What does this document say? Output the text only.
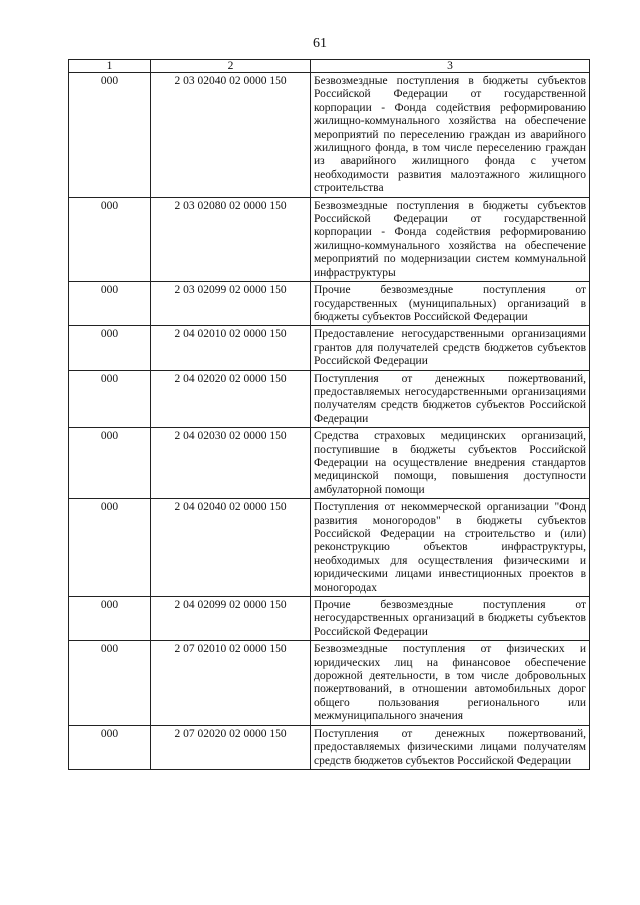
61
1	2	3
000	2 03 02040 02 0000 150	Безвозмездные поступления в бюджеты субъектов Российской Федерации от государственной корпорации - Фонда содействия реформированию жилищно-коммунального хозяйства на обеспечение мероприятий по переселению граждан из аварийного жилищного фонда, в том числе переселению граждан из аварийного жилищного фонда с учетом необходимости развития малоэтажного жилищного строительства
000	2 03 02080 02 0000 150	Безвозмездные поступления в бюджеты субъектов Российской Федерации от государственной корпорации - Фонда содействия реформированию жилищно-коммунального хозяйства на обеспечение мероприятий по модернизации систем коммунальной инфраструктуры
000	2 03 02099 02 0000 150	Прочие безвозмездные поступления от государственных (муниципальных) организаций в бюджеты субъектов Российской Федерации
000	2 04 02010 02 0000 150	Предоставление негосударственными организациями грантов для получателей средств бюджетов субъектов Российской Федерации
000	2 04 02020 02 0000 150	Поступления от денежных пожертвований, предоставляемых негосударственными организациями получателям средств бюджетов субъектов Российской Федерации
000	2 04 02030 02 0000 150	Средства страховых медицинских организаций, поступившие в бюджеты субъектов Российской Федерации на осуществление внедрения стандартов медицинской помощи, повышения доступности амбулаторной помощи
000	2 04 02040 02 0000 150	Поступления от некоммерческой организации "Фонд развития моногородов" в бюджеты субъектов Российской Федерации на строительство и (или) реконструкцию объектов инфраструктуры, необходимых для осуществления физическими и юридическими лицами инвестиционных проектов в моногородах
000	2 04 02099 02 0000 150	Прочие безвозмездные поступления от негосударственных организаций в бюджеты субъектов Российской Федерации
000	2 07 02010 02 0000 150	Безвозмездные поступления от физических и юридических лиц на финансовое обеспечение дорожной деятельности, в том числе добровольных пожертвований, в отношении автомобильных дорог общего пользования регионального или межмуниципального значения
000	2 07 02020 02 0000 150	Поступления от денежных пожертвований, предоставляемых физическими лицами получателям средств бюджетов субъектов Российской Федерации
